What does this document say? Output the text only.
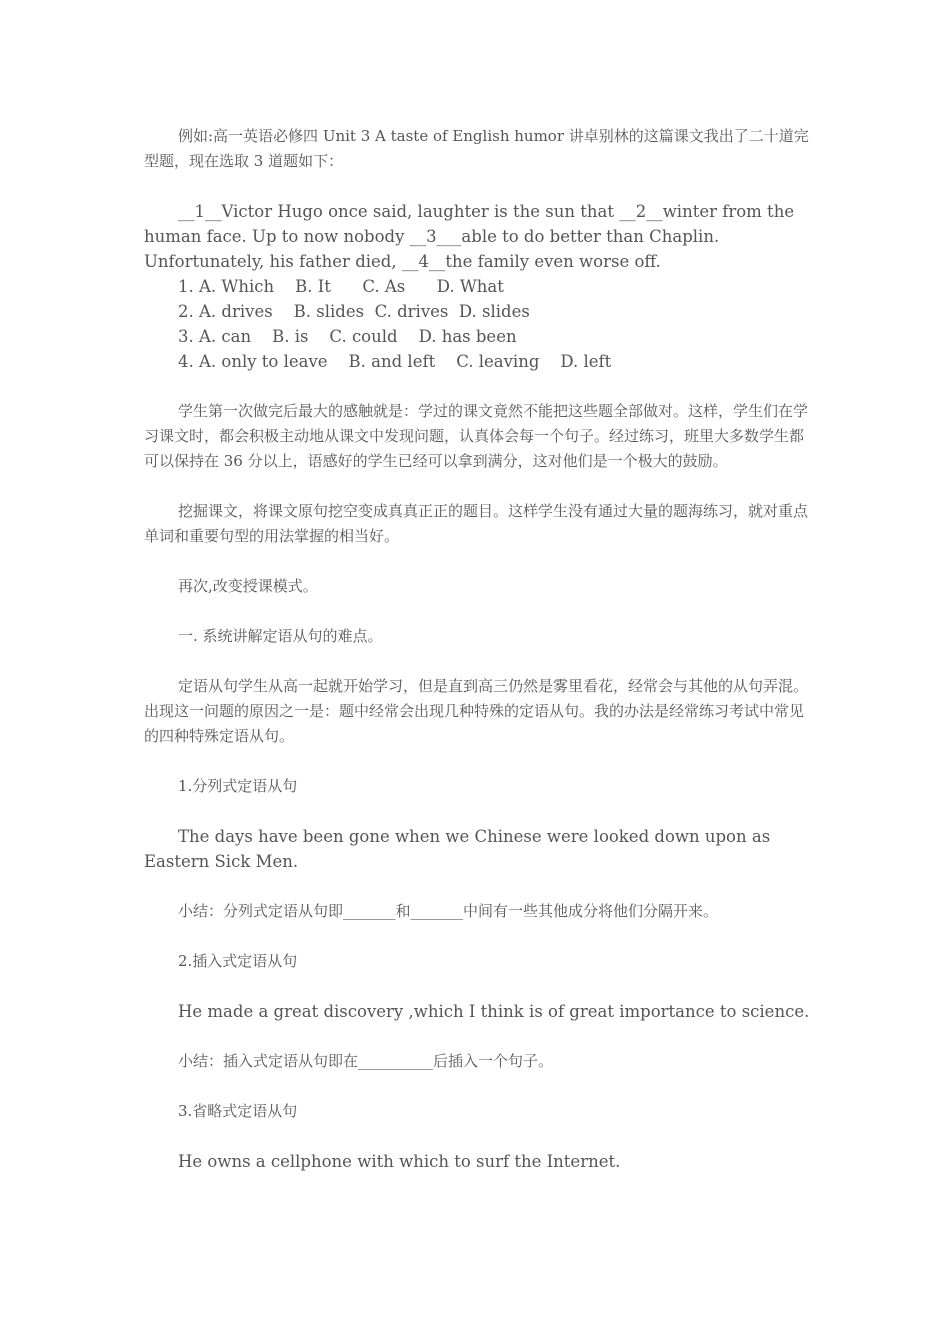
例如:高一英语必修四 Unit 3 A taste of English humor 讲卓别林的这篇课文我出了二十道完型题，现在选取 3 道题如下：

__1__Victor Hugo once said, laughter is the sun that __2__winter from the human face. Up to now nobody __3___able to do better than Chaplin. Unfortunately, his father died, __4__the family even worse off.

1. A. Which    B. It      C. As      D. What

2. A. drives    B. slides  C. drives  D. slides

3. A. can    B. is    C. could    D. has been

4. A. only to leave    B. and left    C. leaving    D. left

学生第一次做完后最大的感触就是：学过的课文竟然不能把这些题全部做对。这样，学生们在学习课文时，都会积极主动地从课文中发现问题，认真体会每一个句子。经过练习，班里大多数学生都可以保持在 36 分以上，语感好的学生已经可以拿到满分，这对他们是一个极大的鼓励。

挖掘课文，将课文原句挖空变成真真正正的题目。这样学生没有通过大量的题海练习，就对重点单词和重要句型的用法掌握的相当好。

再次,改变授课模式。

一. 系统讲解定语从句的难点。

定语从句学生从高一起就开始学习，但是直到高三仍然是雾里看花，经常会与其他的从句弄混。出现这一问题的原因之一是：题中经常会出现几种特殊的定语从句。我的办法是经常练习考试中常见的四种特殊定语从句。

1.分列式定语从句

The days have been gone when we Chinese were looked down upon as Eastern Sick Men.

小结：分列式定语从句即_______和_______中间有一些其他成分将他们分隔开来。

2.插入式定语从句

He made a great discovery ,which I think is of great importance to science.

小结：插入式定语从句即在__________后插入一个句子。

3.省略式定语从句

He owns a cellphone with which to surf the Internet.
